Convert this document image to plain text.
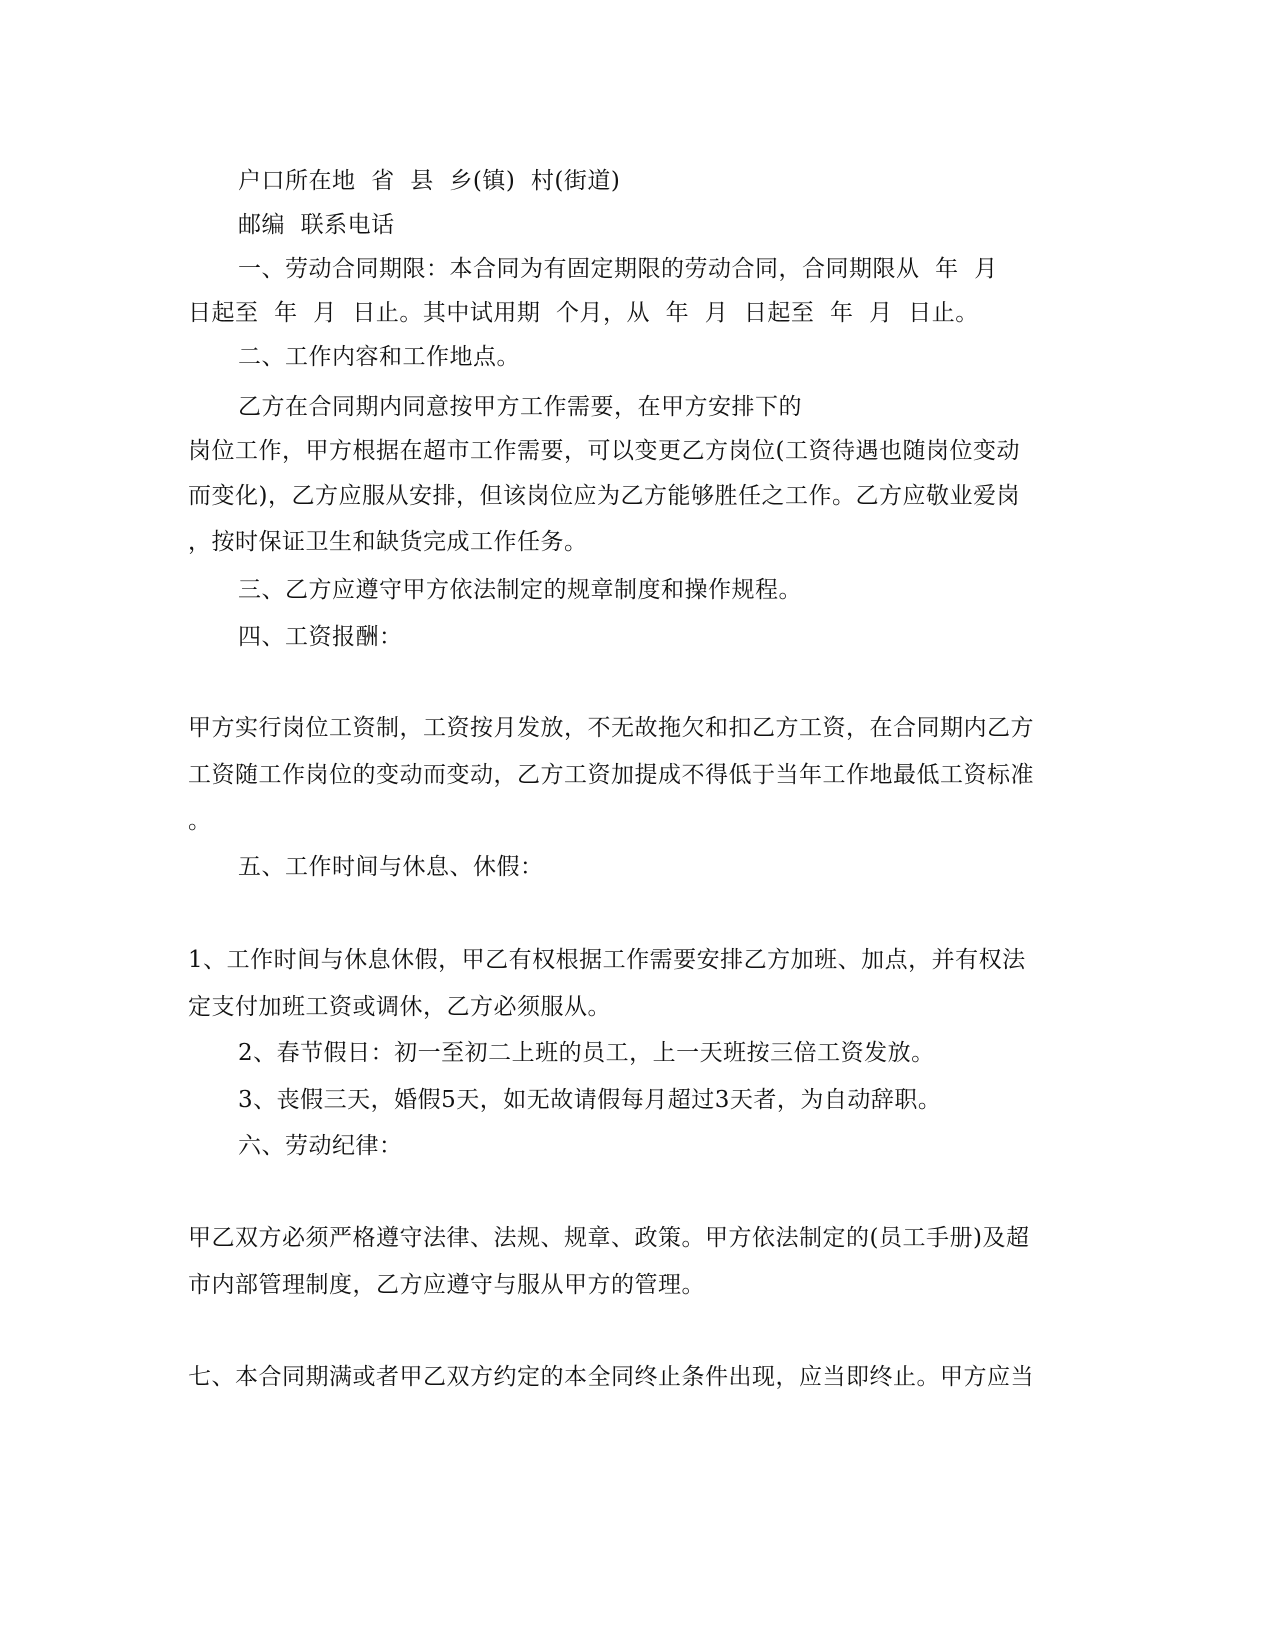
户口所在地  省  县  乡(镇)  村(街道)
邮编  联系电话
一、劳动合同期限：本合同为有固定期限的劳动合同，合同期限从  年  月
日起至  年  月  日止。其中试用期  个月，从  年  月  日起至  年  月  日止。
二、工作内容和工作地点。
乙方在合同期内同意按甲方工作需要，在甲方安排下的
岗位工作，甲方根据在超市工作需要，可以变更乙方岗位(工资待遇也随岗位变动
而变化)，乙方应服从安排，但该岗位应为乙方能够胜任之工作。乙方应敬业爱岗
，按时保证卫生和缺货完成工作任务。
三、乙方应遵守甲方依法制定的规章制度和操作规程。
四、工资报酬：
甲方实行岗位工资制，工资按月发放，不无故拖欠和扣乙方工资，在合同期内乙方
工资随工作岗位的变动而变动，乙方工资加提成不得低于当年工作地最低工资标准
。
五、工作时间与休息、休假：
1、工作时间与休息休假，甲乙有权根据工作需要安排乙方加班、加点，并有权法
定支付加班工资或调休，乙方必须服从。
2、春节假日：初一至初二上班的员工，上一天班按三倍工资发放。
3、丧假三天，婚假5天，如无故请假每月超过3天者，为自动辞职。
六、劳动纪律：
甲乙双方必须严格遵守法律、法规、规章、政策。甲方依法制定的(员工手册)及超
市内部管理制度，乙方应遵守与服从甲方的管理。
七、本合同期满或者甲乙双方约定的本全同终止条件出现，应当即终止。甲方应当
